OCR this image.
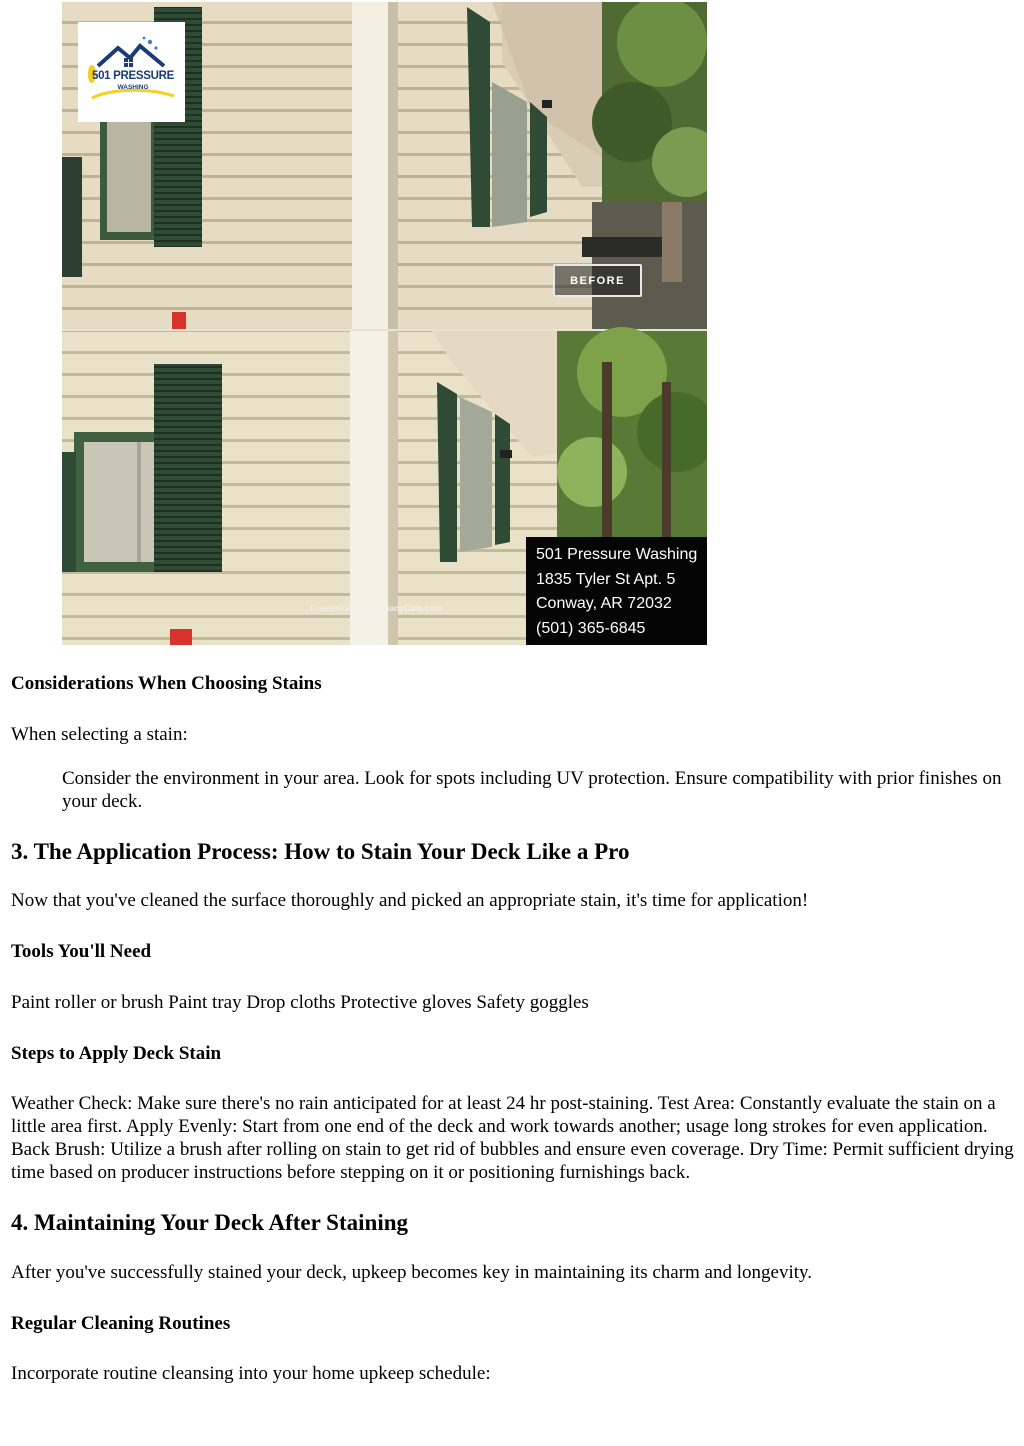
501 PRESSURE
WASHING
BEFORE
Created using CompanyCam.com
501 Pressure Washing
1835 Tyler St Apt. 5
Conway, AR 72032
(501) 365-6845
Considerations When Choosing Stains
When selecting a stain:
Consider the environment in your area. Look for spots including UV protection. Ensure compatibility with prior finishes on your deck.
3. The Application Process: How to Stain Your Deck Like a Pro
Now that you've cleaned the surface thoroughly and picked an appropriate stain, it's time for application!
Tools You'll Need
Paint roller or brush Paint tray Drop cloths Protective gloves Safety goggles
Steps to Apply Deck Stain
Weather Check: Make sure there's no rain anticipated for at least 24 hr post-staining. Test Area: Constantly evaluate the stain on a little area first. Apply Evenly: Start from one end of the deck and work towards another; usage long strokes for even application. Back Brush: Utilize a brush after rolling on stain to get rid of bubbles and ensure even coverage. Dry Time: Permit sufficient drying time based on producer instructions before stepping on it or positioning furnishings back.
4. Maintaining Your Deck After Staining
After you've successfully stained your deck, upkeep becomes key in maintaining its charm and longevity.
Regular Cleaning Routines
Incorporate routine cleansing into your home upkeep schedule:
